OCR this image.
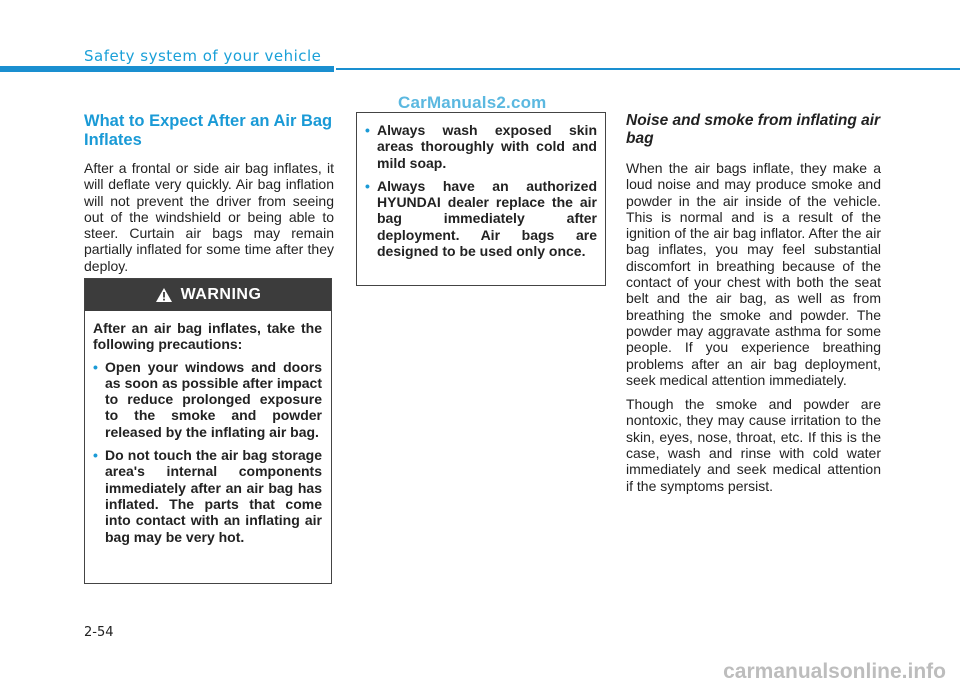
Safety system of your vehicle
CarManuals2.com
What to Expect After an Air Bag Inflates

After a frontal or side air bag inflates, it will deflate very quickly. Air bag inflation will not prevent the driver from seeing out of the windshield or being able to steer. Curtain air bags may remain partially inflated for some time after they deploy.

WARNING

After an air bag inflates, take the following precautions:

• Open your windows and doors as soon as possible after impact to reduce prolonged exposure to the smoke and powder released by the inflating air bag.
• Do not touch the air bag storage area's internal components immediately after an air bag has inflated. The parts that come into contact with an inflating air bag may be very hot.
• Always wash exposed skin areas thoroughly with cold and mild soap.
• Always have an authorized HYUNDAI dealer replace the air bag immediately after deployment. Air bags are designed to be used only once.
Noise and smoke from inflating air bag

When the air bags inflate, they make a loud noise and may produce smoke and powder in the air inside of the vehicle. This is normal and is a result of the ignition of the air bag inflator. After the air bag inflates, you may feel substantial discomfort in breathing because of the contact of your chest with both the seat belt and the air bag, as well as from breathing the smoke and powder. The powder may aggravate asthma for some people. If you experience breathing problems after an air bag deployment, seek medical attention immediately.

Though the smoke and powder are nontoxic, they may cause irritation to the skin, eyes, nose, throat, etc. If this is the case, wash and rinse with cold water immediately and seek medical attention if the symptoms persist.

2-54
carmanualsonline.info
